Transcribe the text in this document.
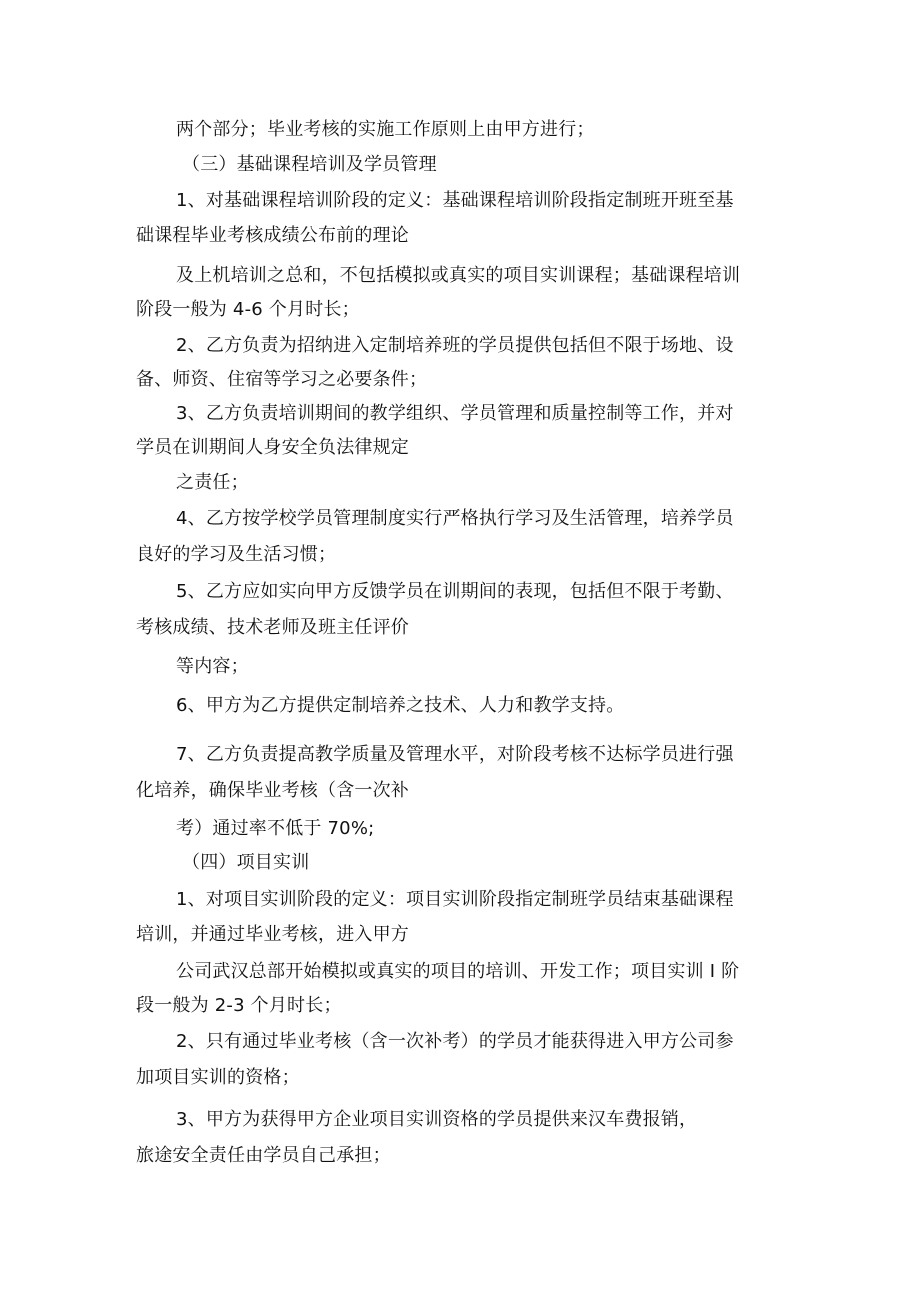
两个部分；毕业考核的实施工作原则上由甲方进行；
（三）基础课程培训及学员管理
1、对基础课程培训阶段的定义：基础课程培训阶段指定制班开班至基
础课程毕业考核成绩公布前的理论
及上机培训之总和，不包括模拟或真实的项目实训课程；基础课程培训
阶段一般为 4-6 个月时长；
2、乙方负责为招纳进入定制培养班的学员提供包括但不限于场地、设
备、师资、住宿等学习之必要条件；
3、乙方负责培训期间的教学组织、学员管理和质量控制等工作，并对
学员在训期间人身安全负法律规定
之责任；
4、乙方按学校学员管理制度实行严格执行学习及生活管理，培养学员
良好的学习及生活习惯；
5、乙方应如实向甲方反馈学员在训期间的表现，包括但不限于考勤、
考核成绩、技术老师及班主任评价
等内容；
6、甲方为乙方提供定制培养之技术、人力和教学支持。
7、乙方负责提高教学质量及管理水平，对阶段考核不达标学员进行强
化培养，确保毕业考核（含一次补
考）通过率不低于 70%;
（四）项目实训
1、对项目实训阶段的定义：项目实训阶段指定制班学员结束基础课程
培训，并通过毕业考核，进入甲方
公司武汉总部开始模拟或真实的项目的培训、开发工作；项目实训 I 阶
段一般为 2-3 个月时长；
2、只有通过毕业考核（含一次补考）的学员才能获得进入甲方公司参
加项目实训的资格；
3、甲方为获得甲方企业项目实训资格的学员提供来汉车费报销，
旅途安全责任由学员自己承担；
